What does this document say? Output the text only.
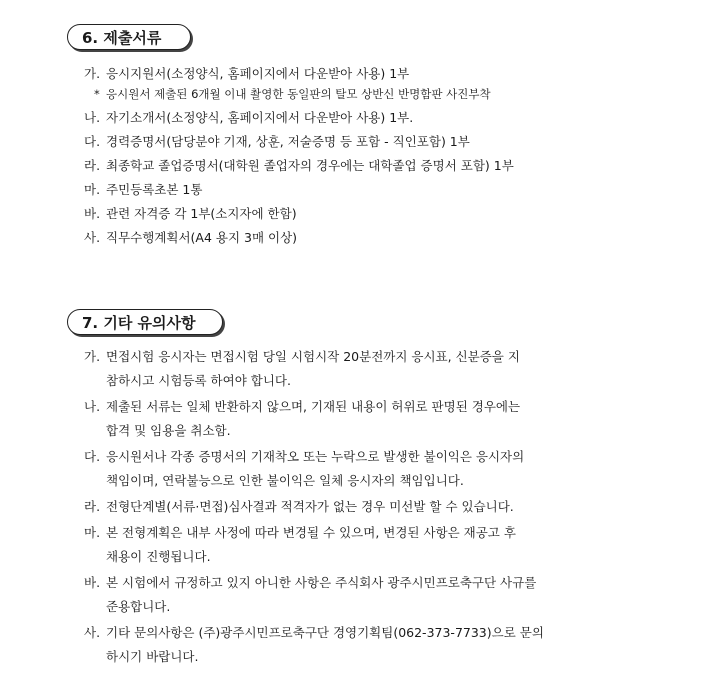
6. 제출서류
가. 응시지원서(소정양식, 홈페이지에서 다운받아 사용) 1부
* 응시원서 제출된 6개월 이내 촬영한 동일판의 탈모 상반신 반명함판 사진부착
나. 자기소개서(소정양식, 홈페이지에서 다운받아 사용) 1부.
다. 경력증명서(담당분야 기재, 상훈, 저술증명 등 포함 - 직인포함) 1부
라. 최종학교 졸업증명서(대학원 졸업자의 경우에는 대학졸업 증명서 포함) 1부
마. 주민등록초본 1통
바. 관련 자격증 각 1부(소지자에 한함)
사. 직무수행계획서(A4 용지 3매 이상)
7. 기타 유의사항
가. 면접시험 응시자는 면접시험 당일 시험시작 20분전까지 응시표, 신분증을 지
참하시고 시험등록 하여야 합니다.
나. 제출된 서류는 일체 반환하지 않으며, 기재된 내용이 허위로 판명된 경우에는
합격 및 임용을 취소함.
다. 응시원서나 각종 증명서의 기재착오 또는 누락으로 발생한 불이익은 응시자의
책임이며, 연락불능으로 인한 불이익은 일체 응시자의 책임입니다.
라. 전형단계별(서류·면접)심사결과 적격자가 없는 경우 미선발 할 수 있습니다.
마. 본 전형계획은 내부 사정에 따라 변경될 수 있으며, 변경된 사항은 재공고 후
채용이 진행됩니다.
바. 본 시험에서 규정하고 있지 아니한 사항은 주식회사 광주시민프로축구단 사규를
준용합니다.
사. 기타 문의사항은 (주)광주시민프로축구단 경영기획팀(062-373-7733)으로 문의
하시기 바랍니다.
